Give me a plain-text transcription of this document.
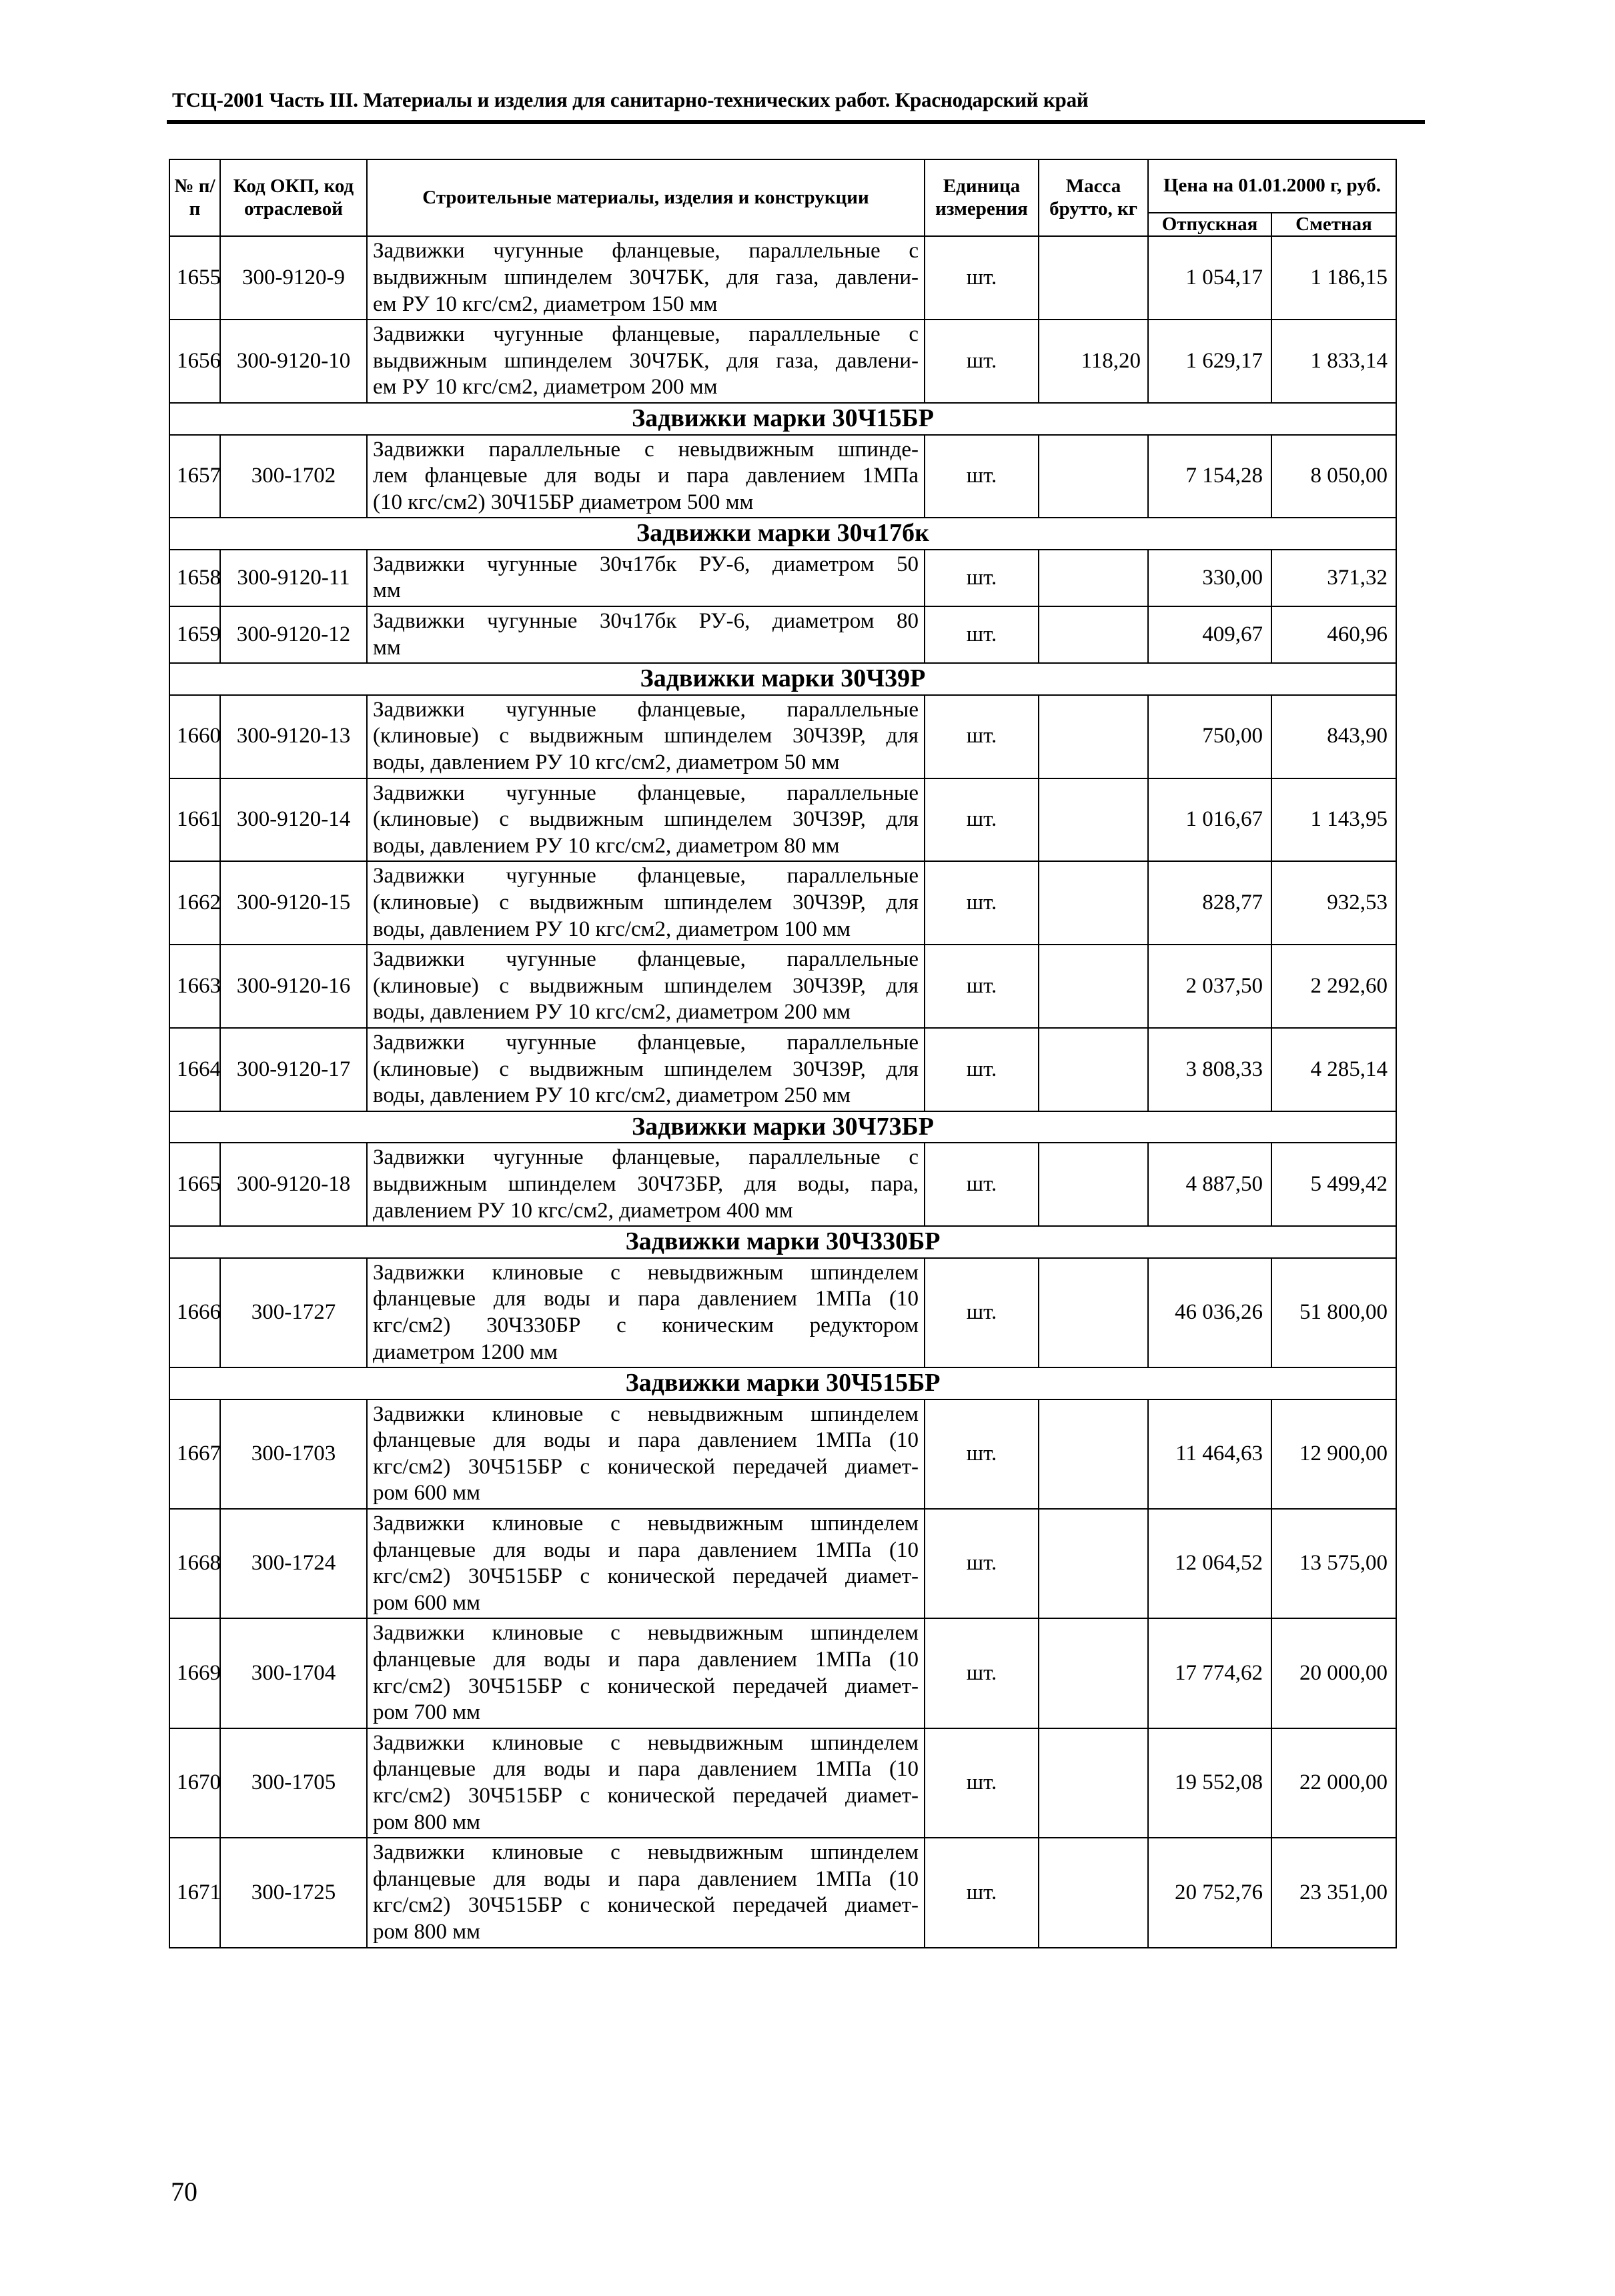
ТСЦ-2001 Часть III. Материалы и изделия для санитарно-технических работ. Краснодарский край
№ п/п	Код ОКП, код отраслевой	Строительные материалы, изделия и конструкции	Единица измерения	Масса брутто, кг	Цена на 01.01.2000 г, руб.	
					Отпускная	Сметная
1655	300-9120-9	Задвижки чугунные фланцевые, параллельные с
выдвижным шпинделем 30Ч7БК, для газа, давлени-
ем РУ 10 кгс/см2, диаметром 150 мм	шт.		1 054,17	1 186,15
1656	300-9120-10	Задвижки чугунные фланцевые, параллельные с
выдвижным шпинделем 30Ч7БК, для газа, давлени-
ем РУ 10 кгс/см2, диаметром 200 мм	шт.	118,20	1 629,17	1 833,14
Задвижки марки 30Ч15БР						
1657	300-1702	Задвижки параллельные с невыдвижным шпинде-
лем фланцевые для воды и пара давлением 1МПа
(10 кгс/см2) 30Ч15БР диаметром 500 мм	шт.		7 154,28	8 050,00
Задвижки марки 30ч17бк						
1658	300-9120-11	Задвижки чугунные 30ч17бк РУ-6, диаметром 50
мм	шт.		330,00	371,32
1659	300-9120-12	Задвижки чугунные 30ч17бк РУ-6, диаметром 80
мм	шт.		409,67	460,96
Задвижки марки 30Ч39Р						
1660	300-9120-13	Задвижки чугунные фланцевые, параллельные
(клиновые) с выдвижным шпинделем 30Ч39Р, для
воды, давлением РУ 10 кгс/см2, диаметром 50 мм	шт.		750,00	843,90
1661	300-9120-14	Задвижки чугунные фланцевые, параллельные
(клиновые) с выдвижным шпинделем 30Ч39Р, для
воды, давлением РУ 10 кгс/см2, диаметром 80 мм	шт.		1 016,67	1 143,95
1662	300-9120-15	Задвижки чугунные фланцевые, параллельные
(клиновые) с выдвижным шпинделем 30Ч39Р, для
воды, давлением РУ 10 кгс/см2, диаметром 100 мм	шт.		828,77	932,53
1663	300-9120-16	Задвижки чугунные фланцевые, параллельные
(клиновые) с выдвижным шпинделем 30Ч39Р, для
воды, давлением РУ 10 кгс/см2, диаметром 200 мм	шт.		2 037,50	2 292,60
1664	300-9120-17	Задвижки чугунные фланцевые, параллельные
(клиновые) с выдвижным шпинделем 30Ч39Р, для
воды, давлением РУ 10 кгс/см2, диаметром 250 мм	шт.		3 808,33	4 285,14
Задвижки марки 30Ч73БР						
1665	300-9120-18	Задвижки чугунные фланцевые, параллельные с
выдвижным шпинделем 30Ч73БР, для воды, пара,
давлением РУ 10 кгс/см2, диаметром 400 мм	шт.		4 887,50	5 499,42
Задвижки марки 30Ч330БР						
1666	300-1727	Задвижки клиновые с невыдвижным шпинделем
фланцевые для воды и пара давлением 1МПа (10
кгс/см2) 30Ч330БР с коническим редуктором
диаметром 1200 мм	шт.		46 036,26	51 800,00
Задвижки марки 30Ч515БР						
1667	300-1703	Задвижки клиновые с невыдвижным шпинделем
фланцевые для воды и пара давлением 1МПа (10
кгс/см2) 30Ч515БР с конической передачей диамет-
ром 600 мм	шт.		11 464,63	12 900,00
1668	300-1724	Задвижки клиновые с невыдвижным шпинделем
фланцевые для воды и пара давлением 1МПа (10
кгс/см2) 30Ч515БР с конической передачей диамет-
ром 600 мм	шт.		12 064,52	13 575,00
1669	300-1704	Задвижки клиновые с невыдвижным шпинделем
фланцевые для воды и пара давлением 1МПа (10
кгс/см2) 30Ч515БР с конической передачей диамет-
ром 700 мм	шт.		17 774,62	20 000,00
1670	300-1705	Задвижки клиновые с невыдвижным шпинделем
фланцевые для воды и пара давлением 1МПа (10
кгс/см2) 30Ч515БР с конической передачей диамет-
ром 800 мм	шт.		19 552,08	22 000,00
1671	300-1725	Задвижки клиновые с невыдвижным шпинделем
фланцевые для воды и пара давлением 1МПа (10
кгс/см2) 30Ч515БР с конической передачей диамет-
ром 800 мм	шт.		20 752,76	23 351,00
70
